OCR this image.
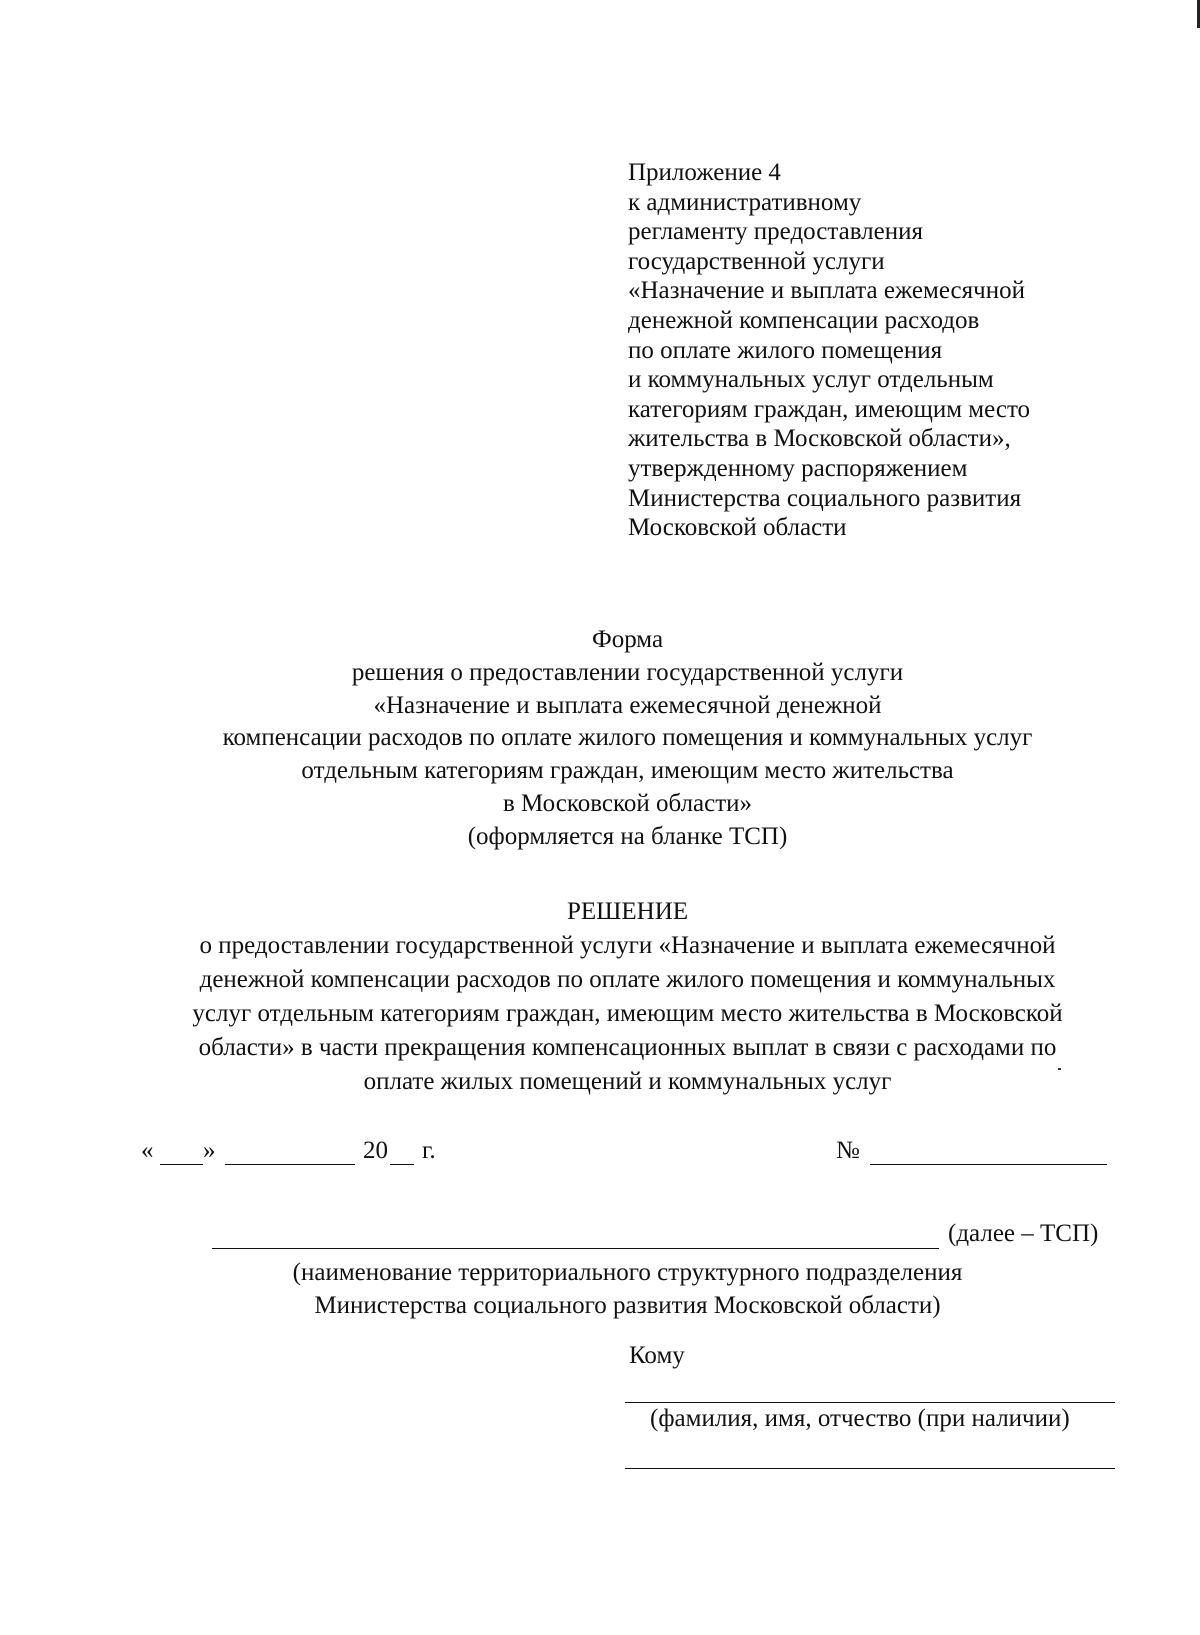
Приложение 4
к административному
регламенту предоставления
государственной услуги
«Назначение и выплата ежемесячной
денежной компенсации расходов
по оплате жилого помещения
и коммунальных услуг отдельным
категориям граждан, имеющим место
жительства в Московской области»,
утвержденному распоряжением
Министерства социального развития
Московской области
Форма
решения о предоставлении государственной услуги
«Назначение и выплата ежемесячной денежной
компенсации расходов по оплате жилого помещения и коммунальных услуг
отдельным категориям граждан, имеющим место жительства
в Московской области»
(оформляется на бланке ТСП)
РЕШЕНИЕ
о предоставлении государственной услуги «Назначение и выплата ежемесячной
денежной компенсации расходов по оплате жилого помещения и коммунальных
услуг отдельным категориям граждан, имеющим место жительства в Московской
области» в части прекращения компенсационных выплат в связи с расходами по
оплате жилых помещений и коммунальных услуг
« »	20 г.	№
(далее – ТСП)
(наименование территориального структурного подразделения
Министерства социального развития Московской области)
Кому
(фамилия, имя, отчество (при наличии)
